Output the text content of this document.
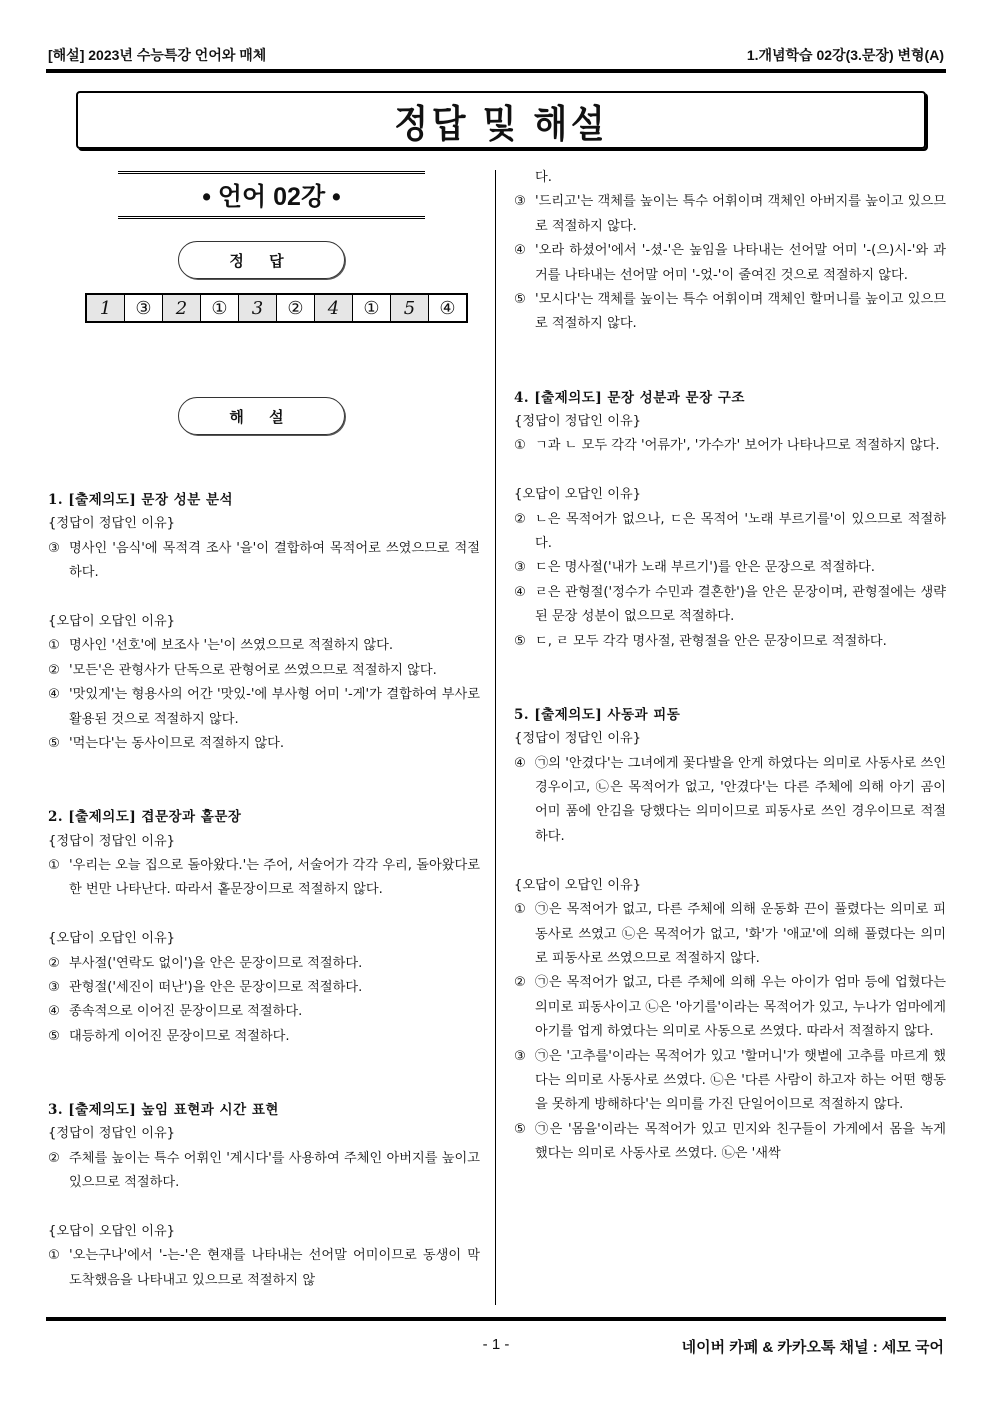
[해설] 2023년 수능특강 언어와 매체	1.개념학습 02강(3.문장) 변형(A)
정답 및 해설
• 언어 02강 •
정 답
1	③	2	①	3	②	4	①	5	④
해 설
1. [출제의도] 문장 성분 분석
{정답이 정답인 이유}
③ 명사인 '음식'에 목적격 조사 '을'이 결합하여 목적어로 쓰였으므로 적절하다.
{오답이 오답인 이유}
① 명사인 '선호'에 보조사 '는'이 쓰였으므로 적절하지 않다.
② '모든'은 관형사가 단독으로 관형어로 쓰였으므로 적절하지 않다.
④ '맛있게'는 형용사의 어간 '맛있-'에 부사형 어미 '-게'가 결합하여 부사로 활용된 것으로 적절하지 않다.
⑤ '먹는다'는 동사이므로 적절하지 않다.
2. [출제의도] 겹문장과 홑문장
{정답이 정답인 이유}
① '우리는 오늘 집으로 돌아왔다.'는 주어, 서술어가 각각 우리, 돌아왔다로 한 번만 나타난다. 따라서 홑문장이므로 적절하지 않다.
{오답이 오답인 이유}
② 부사절('연락도 없이')을 안은 문장이므로 적절하다.
③ 관형절('세진이 떠난')을 안은 문장이므로 적절하다.
④ 종속적으로 이어진 문장이므로 적절하다.
⑤ 대등하게 이어진 문장이므로 적절하다.
3. [출제의도] 높임 표현과 시간 표현
{정답이 정답인 이유}
② 주체를 높이는 특수 어휘인 '계시다'를 사용하여 주체인 아버지를 높이고 있으므로 적절하다.
{오답이 오답인 이유}
① '오는구나'에서 '-는-'은 현재를 나타내는 선어말 어미이므로 동생이 막 도착했음을 나타내고 있으므로 적절하지 않
다.
③ '드리고'는 객체를 높이는 특수 어휘이며 객체인 아버지를 높이고 있으므로 적절하지 않다.
④ '오라 하셨어'에서 '-셨-'은 높임을 나타내는 선어말 어미 '-(으)시-'와 과거를 나타내는 선어말 어미 '-었-'이 줄여진 것으로 적절하지 않다.
⑤ '모시다'는 객체를 높이는 특수 어휘이며 객체인 할머니를 높이고 있으므로 적절하지 않다.
4. [출제의도] 문장 성분과 문장 구조
{정답이 정답인 이유}
① ㄱ과 ㄴ 모두 각각 '어류가', '가수가' 보어가 나타나므로 적절하지 않다.
{오답이 오답인 이유}
② ㄴ은 목적어가 없으나, ㄷ은 목적어 '노래 부르기를'이 있으므로 적절하다.
③ ㄷ은 명사절('내가 노래 부르기')를 안은 문장으로 적절하다.
④ ㄹ은 관형절('정수가 수민과 결혼한')을 안은 문장이며, 관형절에는 생략된 문장 성분이 없으므로 적절하다.
⑤ ㄷ, ㄹ 모두 각각 명사절, 관형절을 안은 문장이므로 적절하다.
5. [출제의도] 사동과 피동
{정답이 정답인 이유}
④ ㉠의 '안겼다'는 그녀에게 꽃다발을 안게 하였다는 의미로 사동사로 쓰인 경우이고, ㉡은 목적어가 없고, '안겼다'는 다른 주체에 의해 아기 곰이 어미 품에 안김을 당했다는 의미이므로 피동사로 쓰인 경우이므로 적절하다.
{오답이 오답인 이유}
① ㉠은 목적어가 없고, 다른 주체에 의해 운동화 끈이 풀렸다는 의미로 피동사로 쓰였고 ㉡은 목적어가 없고, '화'가 '애교'에 의해 풀렸다는 의미로 피동사로 쓰였으므로 적절하지 않다.
② ㉠은 목적어가 없고, 다른 주체에 의해 우는 아이가 엄마 등에 업혔다는 의미로 피동사이고 ㉡은 '아기를'이라는 목적어가 있고, 누나가 엄마에게 아기를 업게 하였다는 의미로 사동으로 쓰였다. 따라서 적절하지 않다.
③ ㉠은 '고추를'이라는 목적어가 있고 '할머니'가 햇볕에 고추를 마르게 했다는 의미로 사동사로 쓰였다. ㉡은 '다른 사람이 하고자 하는 어떤 행동을 못하게 방해하다'는 의미를 가진 단일어이므로 적절하지 않다.
⑤ ㉠은 '몸을'이라는 목적어가 있고 민지와 친구들이 가게에서 몸을 녹게 했다는 의미로 사동사로 쓰였다. ㉡은 '새싹
- 1 -	네이버 카페 & 카카오톡 채널 : 세모 국어
